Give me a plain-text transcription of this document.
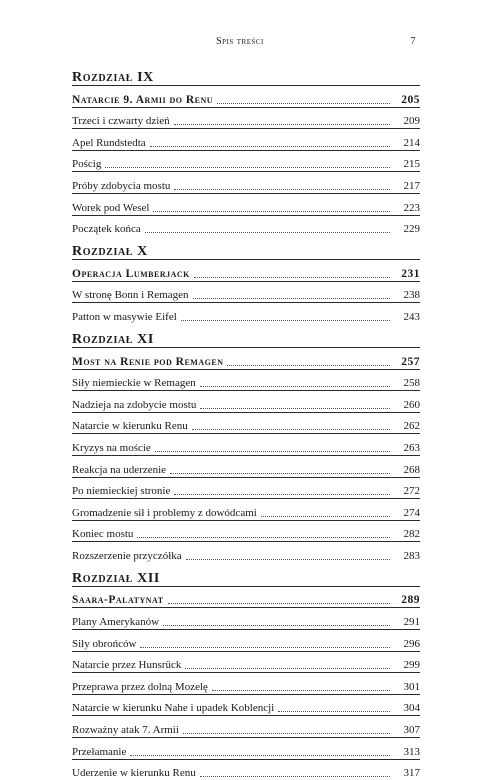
Spis treści	7
Rozdział IX
Natarcie 9. Armii do Renu	205
Trzeci i czwarty dzień	209
Apel Rundstedta	214
Pościg	215
Próby zdobycia mostu	217
Worek pod Wesel	223
Początek końca	229
Rozdział X
Operacja Lumberjack	231
W stronę Bonn i Remagen	238
Patton w masywie Eifel	243
Rozdział XI
Most na Renie pod Remagen	257
Siły niemieckie w Remagen	258
Nadzieja na zdobycie mostu	260
Natarcie w kierunku Renu	262
Kryzys na moście	263
Reakcja na uderzenie	268
Po niemieckiej stronie	272
Gromadzenie sił i problemy z dowódcami	274
Koniec mostu	282
Rozszerzenie przyczółka	283
Rozdział XII
Saara-Palatynat	289
Plany Amerykanów	291
Siły obrońców	296
Natarcie przez Hunsrück	299
Przeprawa przez dolną Mozelę	301
Natarcie w kierunku Nahe i upadek Koblencji	304
Rozważny atak 7. Armii	307
Przełamanie	313
Uderzenie w kierunku Renu	317
